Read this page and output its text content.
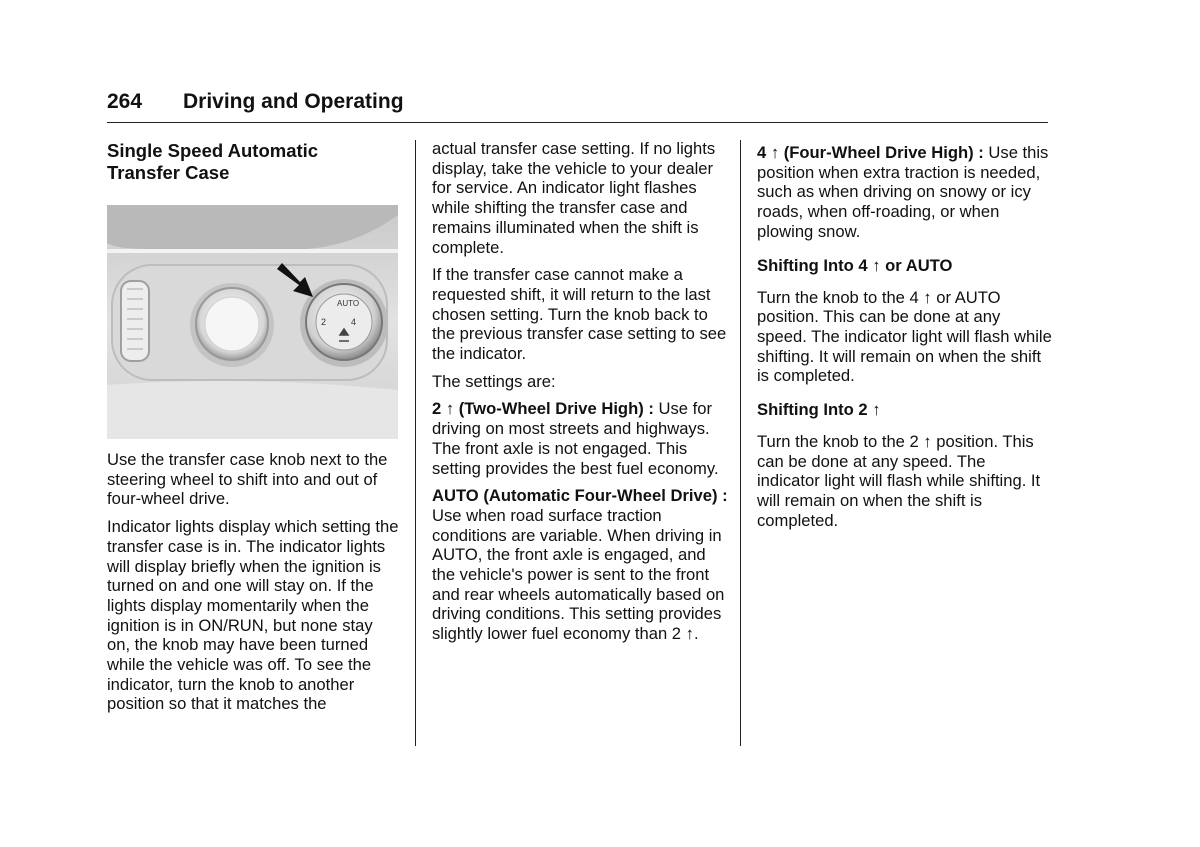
264 Driving and Operating
Single Speed Automatic
Transfer Case
AUTO
2	4

Use the transfer case knob next to the steering wheel to shift into and out of four-wheel drive.

Indicator lights display which setting the transfer case is in. The indicator lights will display briefly when the ignition is turned on and one will stay on. If the lights display momentarily when the ignition is in ON/RUN, but none stay on, the knob may have been turned while the vehicle was off. To see the indicator, turn the knob to another position so that it matches the

actual transfer case setting. If no lights display, take the vehicle to your dealer for service. An indicator light flashes while shifting the transfer case and remains illuminated when the shift is complete.

If the transfer case cannot make a requested shift, it will return to the last chosen setting. Turn the knob back to the previous transfer case setting to see the indicator.

The settings are:

2 ↑ (Two-Wheel Drive High) : Use for driving on most streets and highways. The front axle is not engaged. This setting provides the best fuel economy.

AUTO (Automatic Four-Wheel Drive) : Use when road surface traction conditions are variable. When driving in AUTO, the front axle is engaged, and the vehicle's power is sent to the front and rear wheels automatically based on driving conditions. This setting provides slightly lower fuel economy than 2 ↑.

4 ↑ (Four-Wheel Drive High) : Use this position when extra traction is needed, such as when driving on snowy or icy roads, when off-roading, or when plowing snow.

Shifting Into 4 ↑ or AUTO

Turn the knob to the 4 ↑ or AUTO position. This can be done at any speed. The indicator light will flash while shifting. It will remain on when the shift is completed.

Shifting Into 2 ↑

Turn the knob to the 2 ↑ position. This can be done at any speed. The indicator light will flash while shifting. It will remain on when the shift is completed.
